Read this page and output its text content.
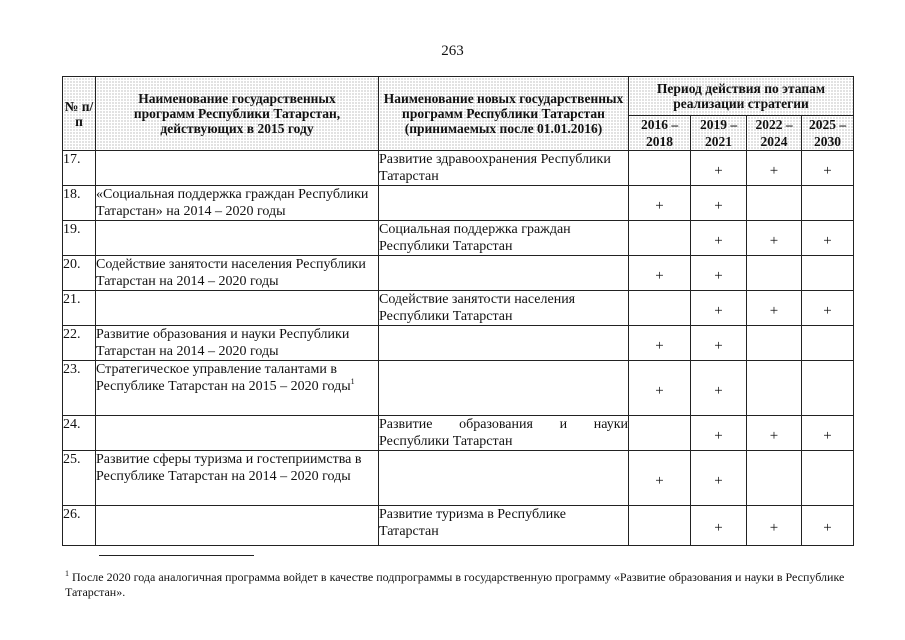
263
№ п/п	Наименование государственных программ Республики Татарстан, действующих в 2015 году	Наименование новых государственных программ Республики Татарстан (принимаемых после 01.01.2016)	Период действия по этапам реализации стратегии			
			2016 – 2018	2019 – 2021	2022 – 2024	2025 – 2030
17.		Развитие здравоохранения Республики Татарстан		+	+	+
18.	«Социальная поддержка граждан Республики Татарстан» на 2014 – 2020 годы		+	+		
19.		Социальная поддержка граждан Республики Татарстан		+	+	+
20.	Содействие занятости населения Республики Татарстан на 2014 – 2020 годы		+	+		
21.		Содействие занятости населения Республики Татарстан		+	+	+
22.	Развитие образования и науки Республики Татарстан на 2014 – 2020 годы		+	+		
23.	Стратегическое управление талантами в Республике Татарстан на 2015 – 2020 годы$^1$		+	+		
24.		Развитие образования и науки Республики Татарстан		+	+	+
25.	Развитие сферы туризма и гостеприимства в Республике Татарстан на 2014 – 2020 годы		+	+		
26.		Развитие туризма в Республике Татарстан		+	+	+
$^1$ После 2020 года аналогичная программа войдет в качестве подпрограммы в государственную программу «Развитие образования и науки в Республике Татарстан».
